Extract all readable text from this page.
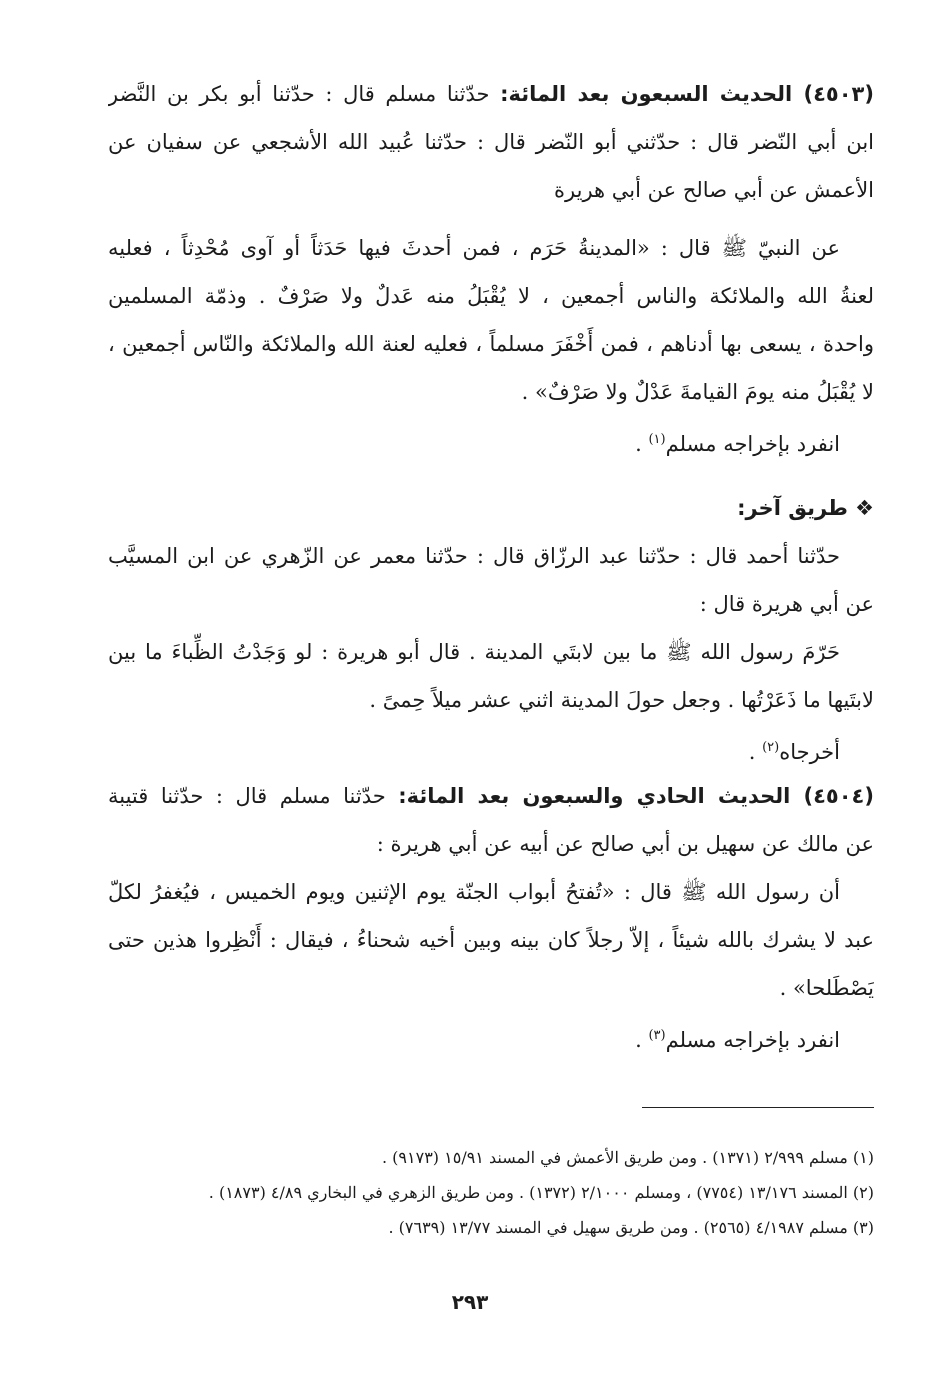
(٤٥٠٣) الحديث السبعون بعد المائة: حدّثنا مسلم قال : حدّثنا أبو بكر بن النَّضر
ابن أبي النّضر قال : حدّثني أبو النّضر قال : حدّثنا عُبيد الله الأشجعي عن سفيان عن
الأعمش عن أبي صالح عن أبي هريرة
عن النبيّ ﷺ قال : «المدينةُ حَرَم ، فمن أحدثَ فيها حَدَثاً أو آوى مُحْدِثاً ، فعليه
لعنةُ الله والملائكة والناس أجمعين ، لا يُقْبَلُ منه عَدلٌ ولا صَرْفٌ . وذمّة المسلمين
واحدة ، يسعى بها أدناهم ، فمن أَخْفَرَ مسلماً ، فعليه لعنة الله والملائكة والنّاس أجمعين ،
لا يُقْبَلُ منه يومَ القيامةَ عَدْلٌ ولا صَرْفٌ» .
انفرد بإخراجه مسلم$^{(١)}$ .
❖ طريق آخر:
حدّثنا أحمد قال : حدّثنا عبد الرزّاق قال : حدّثنا معمر عن الزّهري عن ابن المسيَّب
عن أبي هريرة قال :
حَرّمَ رسول الله ﷺ ما بين لابتَي المدينة . قال أبو هريرة : لو وَجَدْتُ الظِّباءَ ما بين
لابتَيها ما ذَعَرْتُها . وجعل حولَ المدينة اثني عشر ميلاً حِمىً .
أخرجاه$^{(٢)}$ .
(٤٥٠٤) الحديث الحادي والسبعون بعد المائة: حدّثنا مسلم قال : حدّثنا قتيبة
عن مالك عن سهيل بن أبي صالح عن أبيه عن أبي هريرة :
أن رسول الله ﷺ قال : «تُفتحُ أبواب الجنّة يوم الإثنين ويوم الخميس ، فيُغفرُ لكلّ
عبد لا يشرك بالله شيئاً ، إلاّ رجلاً كان بينه وبين أخيه شحناءُ ، فيقال : أَنْظِروا هذين حتى
يَصْطَلحا» .
انفرد بإخراجه مسلم$^{(٣)}$ .
(١) مسلم ٢/٩٩٩ (١٣٧١) . ومن طريق الأعمش في المسند ١٥/٩١ (٩١٧٣) .
(٢) المسند ١٣/١٧٦ (٧٧٥٤) ، ومسلم ٢/١٠٠٠ (١٣٧٢) . ومن طريق الزهري في البخاري ٤/٨٩ (١٨٧٣) .
(٣) مسلم ٤/١٩٨٧ (٢٥٦٥) . ومن طريق سهيل في المسند ١٣/٧٧ (٧٦٣٩) .
٢٩٣
